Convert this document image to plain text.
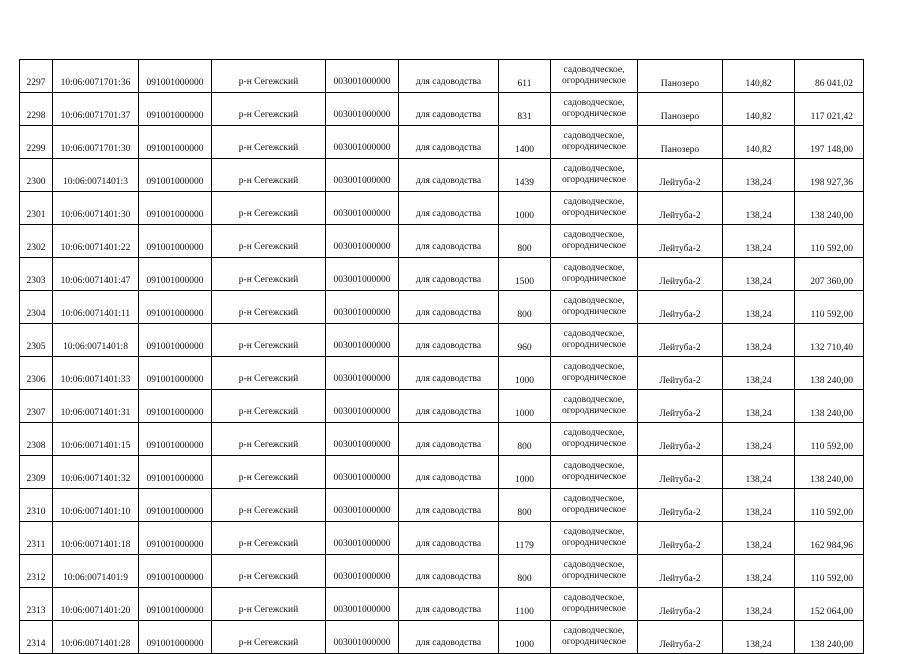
2297	10:06:0071701:36	091001000000	р-н Сегежский	003001000000	для садоводства	611	садоводческое,
огородническое	Панозеро	140,82	86 041,02
2298	10:06:0071701:37	091001000000	р-н Сегежский	003001000000	для садоводства	831	садоводческое,
огородническое	Панозеро	140,82	117 021,42
2299	10:06:0071701:30	091001000000	р-н Сегежский	003001000000	для садоводства	1400	садоводческое,
огородническое	Панозеро	140,82	197 148,00
2300	10:06:0071401:3	091001000000	р-н Сегежский	003001000000	для садоводства	1439	садоводческое,
огородническое	Лейтуба-2	138,24	198 927,36
2301	10:06:0071401:30	091001000000	р-н Сегежский	003001000000	для садоводства	1000	садоводческое,
огородническое	Лейтуба-2	138,24	138 240,00
2302	10:06:0071401:22	091001000000	р-н Сегежский	003001000000	для садоводства	800	садоводческое,
огородническое	Лейтуба-2	138,24	110 592,00
2303	10:06:0071401:47	091001000000	р-н Сегежский	003001000000	для садоводства	1500	садоводческое,
огородническое	Лейтуба-2	138,24	207 360,00
2304	10:06:0071401:11	091001000000	р-н Сегежский	003001000000	для садоводства	800	садоводческое,
огородническое	Лейтуба-2	138,24	110 592,00
2305	10:06:0071401:8	091001000000	р-н Сегежский	003001000000	для садоводства	960	садоводческое,
огородническое	Лейтуба-2	138,24	132 710,40
2306	10:06:0071401:33	091001000000	р-н Сегежский	003001000000	для садоводства	1000	садоводческое,
огородническое	Лейтуба-2	138,24	138 240,00
2307	10:06:0071401:31	091001000000	р-н Сегежский	003001000000	для садоводства	1000	садоводческое,
огородническое	Лейтуба-2	138,24	138 240,00
2308	10:06:0071401:15	091001000000	р-н Сегежский	003001000000	для садоводства	800	садоводческое,
огородническое	Лейтуба-2	138,24	110 592,00
2309	10:06:0071401:32	091001000000	р-н Сегежский	003001000000	для садоводства	1000	садоводческое,
огородническое	Лейтуба-2	138,24	138 240,00
2310	10:06:0071401:10	091001000000	р-н Сегежский	003001000000	для садоводства	800	садоводческое,
огородническое	Лейтуба-2	138,24	110 592,00
2311	10:06:0071401:18	091001000000	р-н Сегежский	003001000000	для садоводства	1179	садоводческое,
огородническое	Лейтуба-2	138,24	162 984,96
2312	10:06:0071401:9	091001000000	р-н Сегежский	003001000000	для садоводства	800	садоводческое,
огородническое	Лейтуба-2	138,24	110 592,00
2313	10:06:0071401:20	091001000000	р-н Сегежский	003001000000	для садоводства	1100	садоводческое,
огородническое	Лейтуба-2	138,24	152 064,00
2314	10:06:0071401:28	091001000000	р-н Сегежский	003001000000	для садоводства	1000	садоводческое,
огородническое	Лейтуба-2	138,24	138 240,00
